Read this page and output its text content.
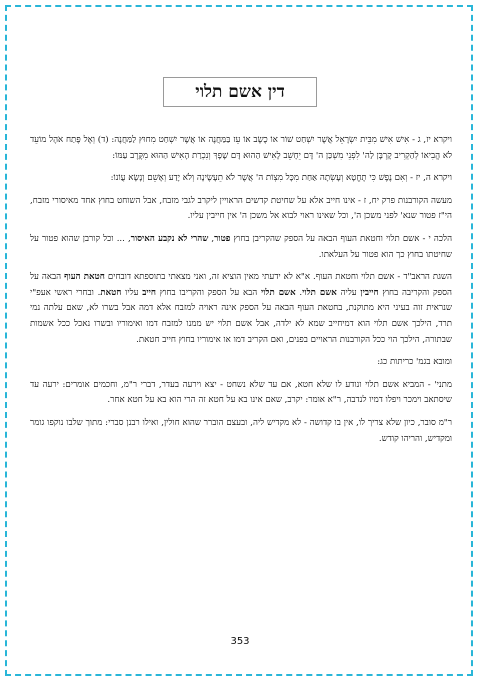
דין אשם תלוי

ויקרא יז, ג - אִישׁ אִישׁ מִבֵּית יִשְׂרָאֵל אֲשֶׁר יִשְׁחַט שׁוֹר אוֹ כֶשֶׂב אוֹ עֵז בַּמַּחֲנֶה אוֹ אֲשֶׁר יִשְׁחַט מִחוּץ לַמַּחֲנֶה: (ד) וְאֶל פֶּתַח אֹהֶל מוֹעֵד לֹא הֱבִיאוֹ לְהַקְרִיב קָרְבָּן לַה' לִפְנֵי מִשְׁכַּן ה' דָּם יֵחָשֵׁב לָאִישׁ הַהוּא דָּם שָׁפָךְ וְנִכְרַת הָאִישׁ הַהוּא מִקֶּרֶב עַמּוֹ:

ויקרא ה, יז - וְאִם נֶפֶשׁ כִּי תֶחֱטָא וְעָשְׂתָה אַחַת מִכָּל מִצְוֹת ה' אֲשֶׁר לֹא תֵעָשֶׂינָה וְלֹא יָדַע וְאָשֵׁם וְנָשָׂא עֲוֹנוֹ:

מעשה הקורבנות פרק יח, ז - אינו חייב אלא על שחיטת קדשים הראויין ליקרב לגבי מזבח, אבל השוחט בחוץ אחד מאיסורי מזבח, הי"ז פטור שנא' לפני משכן ה', וכל שאינו ראוי לבוא אל משכן ה' אין חייבין עליו.

הלכה י - אשם תלוי וחטאת העוף הבאה על הספק שהקריבן בחוץ פטור, שהרי לא נקבע האיסור, ... וכל קורבן שהוא פטור על שחיטתו בחוץ כך הוא פטור על העלאתו.

השגת הראב"ד - אשם תלוי וחטאת העוף. א"א לא ידעתי מאין הוציא זה, ואני מצאתי בתוספתא דובחים חטאת העוף הבאה על הספק והקריבה בחוץ חייבין עליה אשם תלוי. אשם תלוי הבא על הספק והקריבו בחוץ חייב עליו חטאת. ובחרי ראשי אעפ"י שנראית זוה בעיני היא מתוקנת, בחטאת העוף הבאה על הספק אינה ראויה למזבח אלא דמה אבל בשרו לא, שאם עלתה נמי תרד, הילכך אשם תלוי הוא דמיחייב שמא לא ילדה, אבל אשם תלוי יש ממנו למזבח דמו ואימוריו ובשרו נאכל ככל אשמות שבתורה, הילכך הוי ככל הקורבנות הראויים בפנים, ואם הקריב דמו או אימוריו בחוץ חייב חטאת.

ומובא בגמ' כריתות כג:

מתני' - המביא אשם תלוי ונודע לו שלא חטא, אם עד שלא נשחט - יצא וירעה בעדר, דברי ר"מ, וחכמים אומרים: ירעה עד שיסתאב וימכר ויפלו דמיו לנדבה, ר"א אומר: יקרב, שאם אינו בא על חטא זה הרי הוא בא על חטא אחר.

ר"מ סובר, כיון שלא צריך לו, אין בו קדושה - לא מקדיש ליה, ובעצם הוברר שהוא חולין, ואילו רבנן סברי: מתוך שלבו נוקפו גומר ומקדיש, והריהו קודש.

353
